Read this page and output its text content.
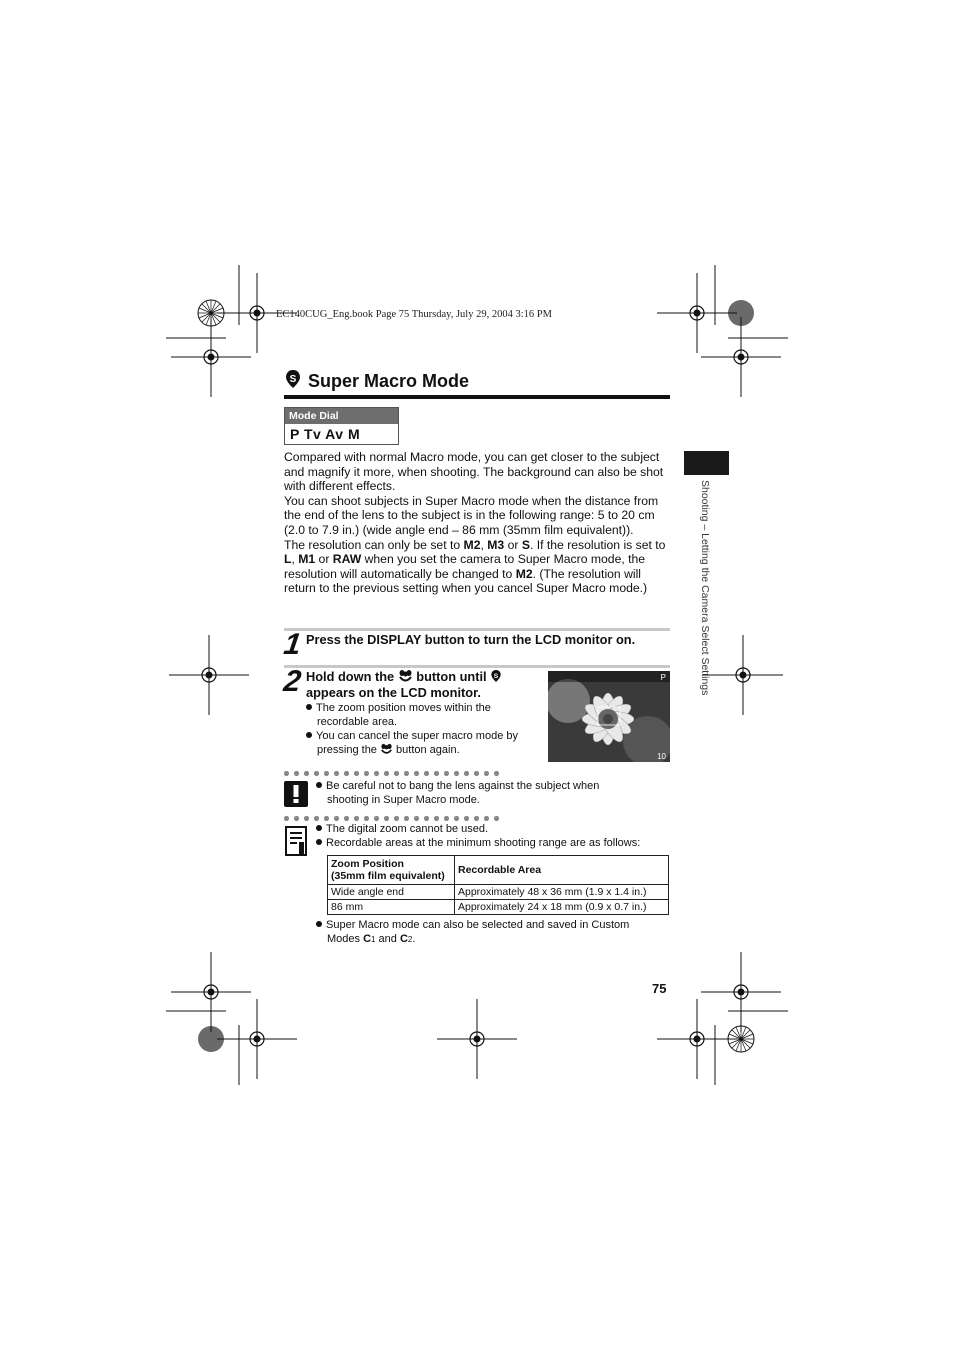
EC140CUG_Eng.book Page 75 Thursday, July 29, 2004 3:16 PM
S Super Macro Mode
Mode Dial
P Tv Av M

Compared with normal Macro mode, you can get closer to the subject and magnify it more, when shooting. The background can also be shot with different effects.

You can shoot subjects in Super Macro mode when the distance from the end of the lens to the subject is in the following range: 5 to 20 cm (2.0 to 7.9 in.) (wide angle end – 86 mm (35mm film equivalent)).

The resolution can only be set to M2, M3 or S. If the resolution is set to L, M1 or RAW when you set the camera to Super Macro mode, the resolution will automatically be changed to M2. (The resolution will return to the previous setting when you cancel Super Macro mode.)

1 Press the DISPLAY button to turn the LCD monitor on.
2 Hold down the  button until S

appears on the LCD monitor.
The zoom position moves within the
recordable area.
You can cancel the super macro mode by
pressing the  button again.
P
10
Be careful not to bang the lens against the subject when
shooting in Super Macro mode.
The digital zoom cannot be used.
Recordable areas at the minimum shooting range are as follows:
Zoom Position
(35mm film equivalent)	Recordable Area
Wide angle end	Approximately 48 x 36 mm (1.9 x 1.4 in.)
86 mm	Approximately 24 x 18 mm (0.9 x 0.7 in.)
Super Macro mode can also be selected and saved in Custom
Modes C1 and C2.
Shooting – Letting the Camera Select Settings
75
